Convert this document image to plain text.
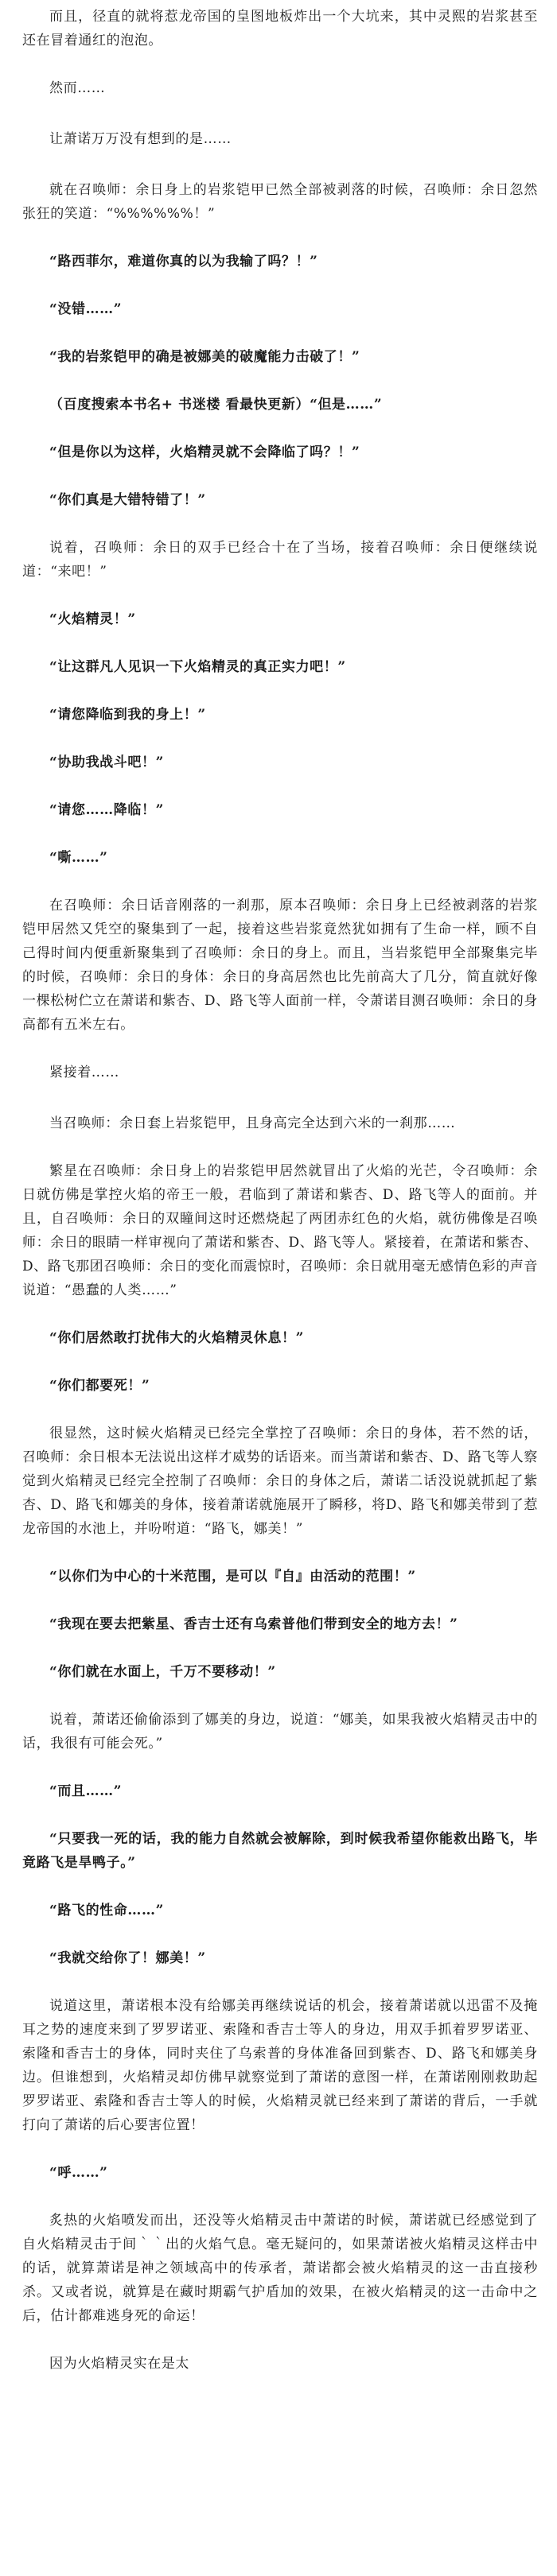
而且，径直的就将惹龙帝国的皇图地板炸出一个大坑来，其中灵熙的岩浆甚至还在冒着通红的泡泡。

然而……

让萧诺万万没有想到的是……

就在召唤师：余日身上的岩浆铠甲已然全部被剥落的时候，召唤师：余日忽然张狂的笑道：“%%%%%%！”

“路西菲尔，难道你真的以为我输了吗？！”

“没错……”

“我的岩浆铠甲的确是被娜美的破魔能力击破了！”

（百度搜索本书名+ 书迷楼 看最快更新）“但是……”

“但是你以为这样，火焰精灵就不会降临了吗？！”

“你们真是大错特错了！”

说着，召唤师：余日的双手已经合十在了当场，接着召唤师：余日便继续说道：“来吧！”

“火焰精灵！”

“让这群凡人见识一下火焰精灵的真正实力吧！”

“请您降临到我的身上！”

“协助我战斗吧！”

“请您……降临！”

“嘶……”

在召唤师：余日话音刚落的一刹那，原本召唤师：余日身上已经被剥落的岩浆铠甲居然又凭空的聚集到了一起，接着这些岩浆竟然犹如拥有了生命一样，顾不自己得时间内便重新聚集到了召唤师：余日的身上。而且，当岩浆铠甲全部聚集完毕的时候，召唤师：余日的身体：余日的身高居然也比先前高大了几分，简直就好像一棵松树伫立在萧诺和紫杏、D、路飞等人面前一样，令萧诺目测召唤师：余日的身高都有五米左右。

紧接着……

当召唤师：余日套上岩浆铠甲，且身高完全达到六米的一刹那……

繁星在召唤师：余日身上的岩浆铠甲居然就冒出了火焰的光芒，令召唤师：余日就仿佛是掌控火焰的帝王一般，君临到了萧诺和紫杏、D、路飞等人的面前。并且，自召唤师：余日的双瞳间这时还燃烧起了两团赤红色的火焰，就彷佛像是召唤师：余日的眼睛一样审视向了萧诺和紫杏、D、路飞等人。紧接着，在萧诺和紫杏、D、路飞那团召唤师：余日的变化而震惊时，召唤师：余日就用毫无感情色彩的声音说道：“愚蠢的人类……”

“你们居然敢打扰伟大的火焰精灵休息！”

“你们都要死！”

很显然，这时候火焰精灵已经完全掌控了召唤师：余日的身体，若不然的话，召唤师：余日根本无法说出这样才威势的话语来。而当萧诺和紫杏、D、路飞等人察觉到火焰精灵已经完全控制了召唤师：余日的身体之后，萧诺二话没说就抓起了紫杏、D、路飞和娜美的身体，接着萧诺就施展开了瞬移，将D、路飞和娜美带到了惹龙帝国的水池上，并吩咐道：“路飞，娜美！”

“以你们为中心的十米范围，是可以『自』由活动的范围！”

“我现在要去把紫星、香吉士还有乌索普他们带到安全的地方去！”

“你们就在水面上，千万不要移动！”

说着，萧诺还偷偷添到了娜美的身边，说道：“娜美，如果我被火焰精灵击中的话，我很有可能会死。”

“而且……”

“只要我一死的话，我的能力自然就会被解除，到时候我希望你能救出路飞，毕竟路飞是旱鸭子。”

“路飞的性命……”

“我就交给你了！娜美！”

说道这里，萧诺根本没有给娜美再继续说话的机会，接着萧诺就以迅雷不及掩耳之势的速度来到了罗罗诺亚、索隆和香吉士等人的身边，用双手抓着罗罗诺亚、索隆和香吉士的身体，同时夹住了乌索普的身体准备回到紫杏、D、路飞和娜美身边。但谁想到，火焰精灵却仿佛早就察觉到了萧诺的意图一样，在萧诺刚刚救助起罗罗诺亚、索隆和香吉士等人的时候，火焰精灵就已经来到了萧诺的背后，一手就打向了萧诺的后心要害位置！

“呼……”

炙热的火焰喷发而出，还没等火焰精灵击中萧诺的时候，萧诺就已经感觉到了自火焰精灵击于间｀｀出的火焰气息。毫无疑问的，如果萧诺被火焰精灵这样击中的话，就算萧诺是神之领域高中的传承者，萧诺都会被火焰精灵的这一击直接秒杀。又或者说，就算是在藏时期霸气护盾加的效果，在被火焰精灵的这一击命中之后，估计都难逃身死的命运！

因为火焰精灵实在是太
